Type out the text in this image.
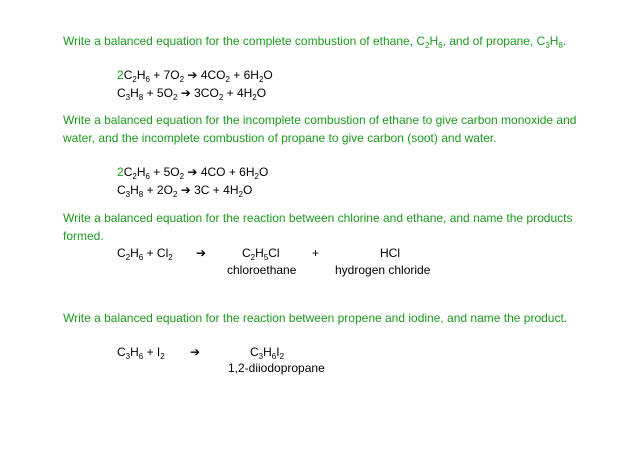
Write a balanced equation for the complete combustion of ethane, $C_2H_6$, and of propane, $C_3H_8$.

$2C_2H_6 + 7O_2$ ➔ $4CO_2 + 6H_2O$
$C_3H_8 + 5O_2$ ➔ $3CO_2 + 4H_2O$

Write a balanced equation for the incomplete combustion of ethane to give carbon monoxide and water, and the incomplete combustion of propane to give carbon (soot) and water.

$2C_2H_6 + 5O_2$ ➔ $4CO + 6H_2O$
$C_3H_8 + 2O_2$ ➔ $3C + 4H_2O$

Write a balanced equation for the reaction between chlorine and ethane, and name the products formed.

$C_2H_6 + Cl_2$ ➔	$C_2H_5Cl$	+	HCl
chloroethane	hydrogen chloride

Write a balanced equation for the reaction between propene and iodine, and name the product.

$C_3H_6 + I_2$ ➔	$C_3H_6I_2$
1,2-diiodopropane
